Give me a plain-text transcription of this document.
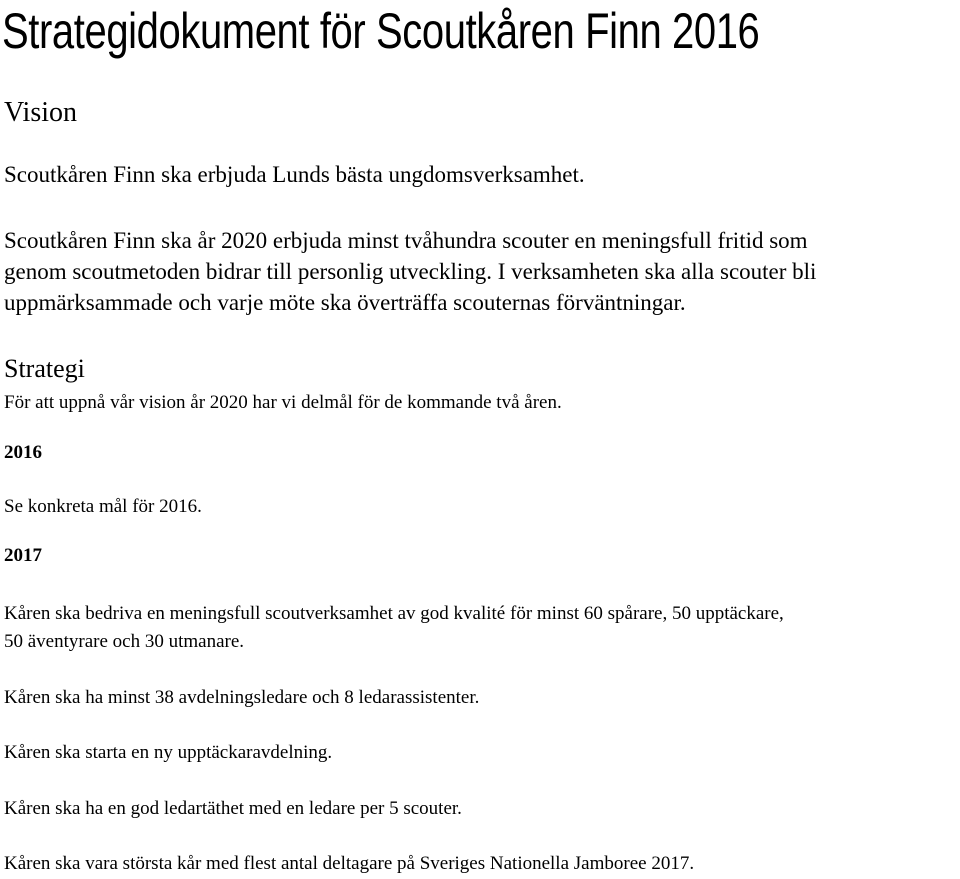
Strategidokument för Scoutkåren Finn 2016
Vision

Scoutkåren Finn ska erbjuda Lunds bästa ungdomsverksamhet.

Scoutkåren Finn ska år 2020 erbjuda minst tvåhundra scouter en meningsfull fritid som

genom scoutmetoden bidrar till personlig utveckling. I verksamheten ska alla scouter bli

uppmärksammade och varje möte ska överträffa scouternas förväntningar.

Strategi

För att uppnå vår vision år 2020 har vi delmål för de kommande två åren.

2016

Se konkreta mål för 2016.

2017

Kåren ska bedriva en meningsfull scoutverksamhet av god kvalité för minst 60 spårare, 50 upptäckare,

50 äventyrare och 30 utmanare.

Kåren ska ha minst 38 avdelningsledare och 8 ledarassistenter.

Kåren ska starta en ny upptäckaravdelning.

Kåren ska ha en god ledartäthet med en ledare per 5 scouter.

Kåren ska vara största kår med flest antal deltagare på Sveriges Nationella Jamboree 2017.
